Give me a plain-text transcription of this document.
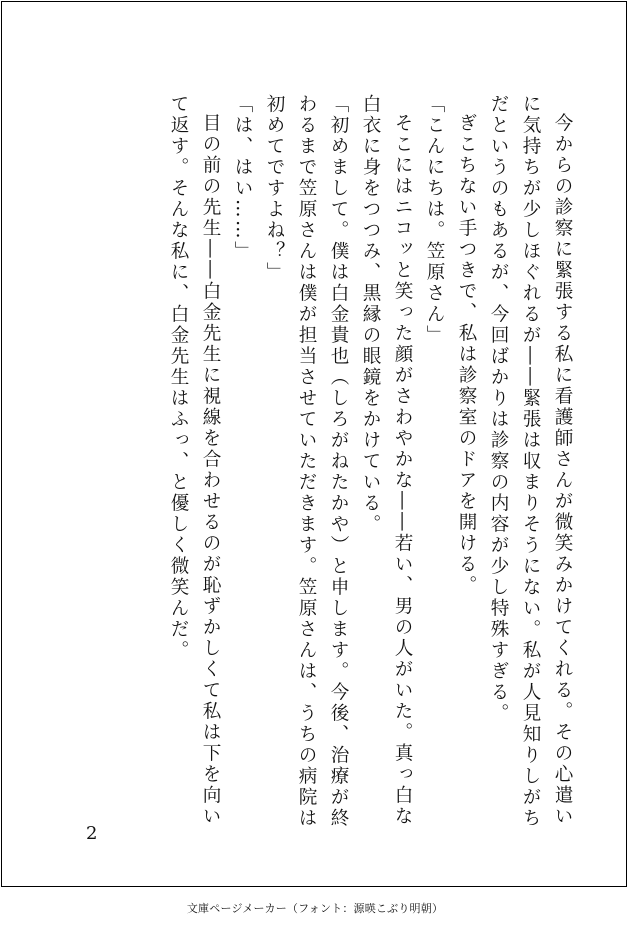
今からの診察に緊張する私に看護師さんが微笑みかけてくれる。その心遣いに気持ちが少しほぐれるが――緊張は収まりそうにない。私が人見知りしがちだというのもあるが、今回ばかりは診察の内容が少し特殊すぎる。

ぎこちない手つきで、私は診察室のドアを開ける。

「こんにちは。笠原さん」

そこにはニコッと笑った顔がさわやかな――若い、男の人がいた。真っ白な白衣に身をつつみ、黒縁の眼鏡をかけている。

「初めまして。僕は白金貴也（しろがねたかや）と申します。今後、治療が終わるまで笠原さんは僕が担当させていただきます。笠原さんは、うちの病院は初めてですよね？」

「は、はい……」

目の前の先生――白金先生に視線を合わせるのが恥ずかしくて私は下を向いて返す。そんな私に、白金先生はふっ、と優しく微笑んだ。

2
文庫ページメーカー（フォント：源暎こぶり明朝）
